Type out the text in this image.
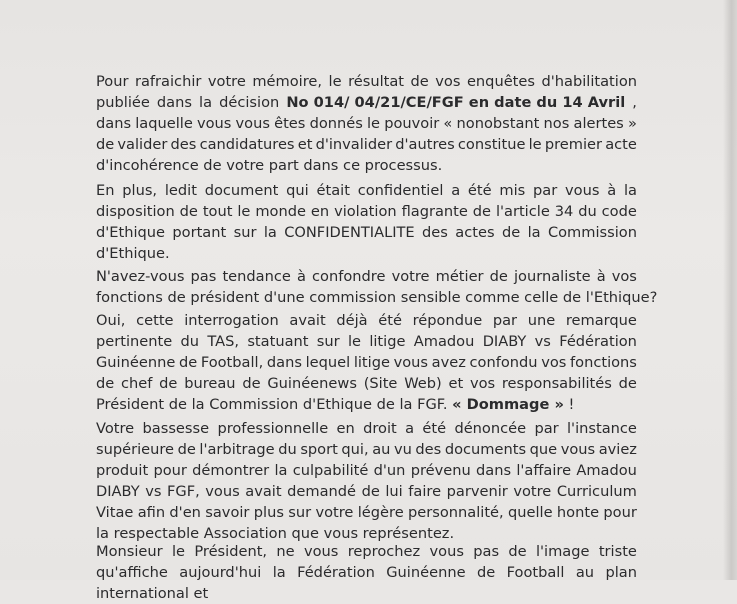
Pour rafraichir votre mémoire, le résultat de vos enquêtes d'habilitation
publiée dans la décision No 014/ 04/21/CE/FGF en date du 14 Avril ,
dans laquelle vous vous êtes donnés le pouvoir « nonobstant nos alertes »
de valider des candidatures et d'invalider d'autres constitue le premier acte
d'incohérence de votre part dans ce processus.
En plus, ledit document qui était confidentiel a été mis par vous à la
disposition de tout le monde en violation flagrante de l'article 34 du code
d'Ethique portant sur la CONFIDENTIALITE des actes de la Commission
d'Ethique.
N'avez-vous pas tendance à confondre votre métier de journaliste à vos
fonctions de président d'une commission sensible comme celle de l'Ethique?
Oui, cette interrogation avait déjà été répondue par une remarque
pertinente du TAS, statuant sur le litige Amadou DIABY vs Fédération
Guinéenne de Football, dans lequel litige vous avez confondu vos fonctions
de chef de bureau de Guinéenews (Site Web) et vos responsabilités de
Président de la Commission d'Ethique de la FGF. « Dommage » !
Votre bassesse professionnelle en droit a été dénoncée par l'instance
supérieure de l'arbitrage du sport qui, au vu des documents que vous aviez
produit pour démontrer la culpabilité d'un prévenu dans l'affaire Amadou
DIABY vs FGF, vous avait demandé de lui faire parvenir votre Curriculum
Vitae afin d'en savoir plus sur votre légère personnalité, quelle honte pour
la respectable Association que vous représentez.
Monsieur le Président, ne vous reprochez vous pas de l'image triste
qu'affiche aujourd'hui la Fédération Guinéenne de Football au plan
international et
